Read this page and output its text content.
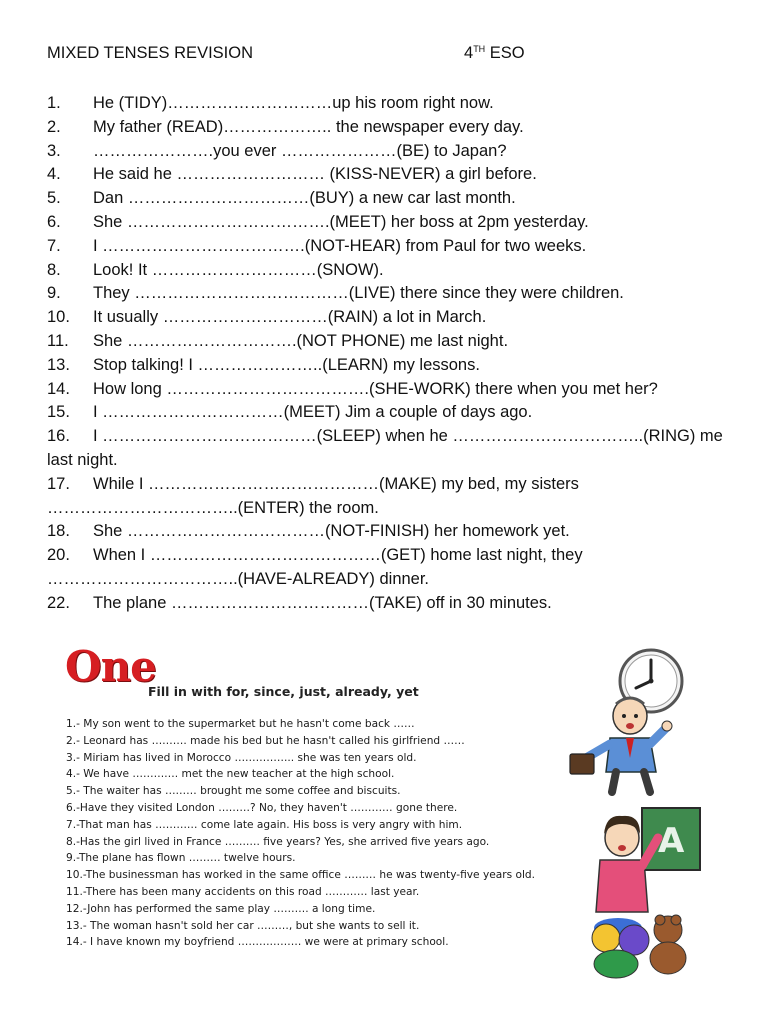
MIXED TENSES REVISION	4TH ESO
1. He (TIDY)…………………………up his room right now.
2. My father (READ)……………….. the newspaper every day.
3. ………………….you ever …………………(BE) to Japan?
4. He said he ……………………… (KISS-NEVER) a girl before.
5. Dan ……………………………(BUY) a new car last month.
6. She ……………………………….(MEET) her boss at 2pm yesterday.
7. I ……………………………….(NOT-HEAR) from Paul for two weeks.
8. Look! It …………………………(SNOW).
9. They …………………………………(LIVE) there since they were children.
10. It usually …………………………(RAIN) a lot in March.
11. She ………………………….(NOT PHONE) me last night.
13. Stop talking! I …………………..(LEARN) my lessons.
14. How long ……………………………….(SHE-WORK) there when you met her?
15. I ……………………………(MEET) Jim a couple of days ago.
16. I …………………………………(SLEEP) when he ……………………………..(RING) me last night.
17. While I ……………………………………(MAKE) my bed, my sisters ……………………………..(ENTER) the room.
18. She ………………………………(NOT-FINISH) her homework yet.
20. When I ……………………………………(GET) home last night, they ……………………………..(HAVE-ALREADY) dinner.
22. The plane ………………………………(TAKE) off in 30 minutes.
One
Fill in with for, since, just, already, yet
1.- My son went to the supermarket but he hasn't come back ……
2.- Leonard has ………. made his bed but he hasn't called his girlfriend ……
3.- Miriam has lived in Morocco …………….. she was ten years old.
4.- We have …………. met the new teacher at the high school.
5.- The waiter has ……… brought me some coffee and biscuits.
6.-Have they visited London ………? No, they haven't ………… gone there.
7.-That man has ………… come late again. His boss is very angry with him.
8.-Has the girl lived in France ………. five years? Yes, she arrived five years ago.
9.-The plane has flown ……… twelve hours.
10.-The businessman has worked in the same office ……… he was twenty-five years old.
11.-There has been many accidents on this road ………… last year.
12.-John has performed the same play ………. a long time.
13.- The woman hasn't sold her car ………, but she wants to sell it.
14.- I have known my boyfriend ……………… we were at primary school.
A
